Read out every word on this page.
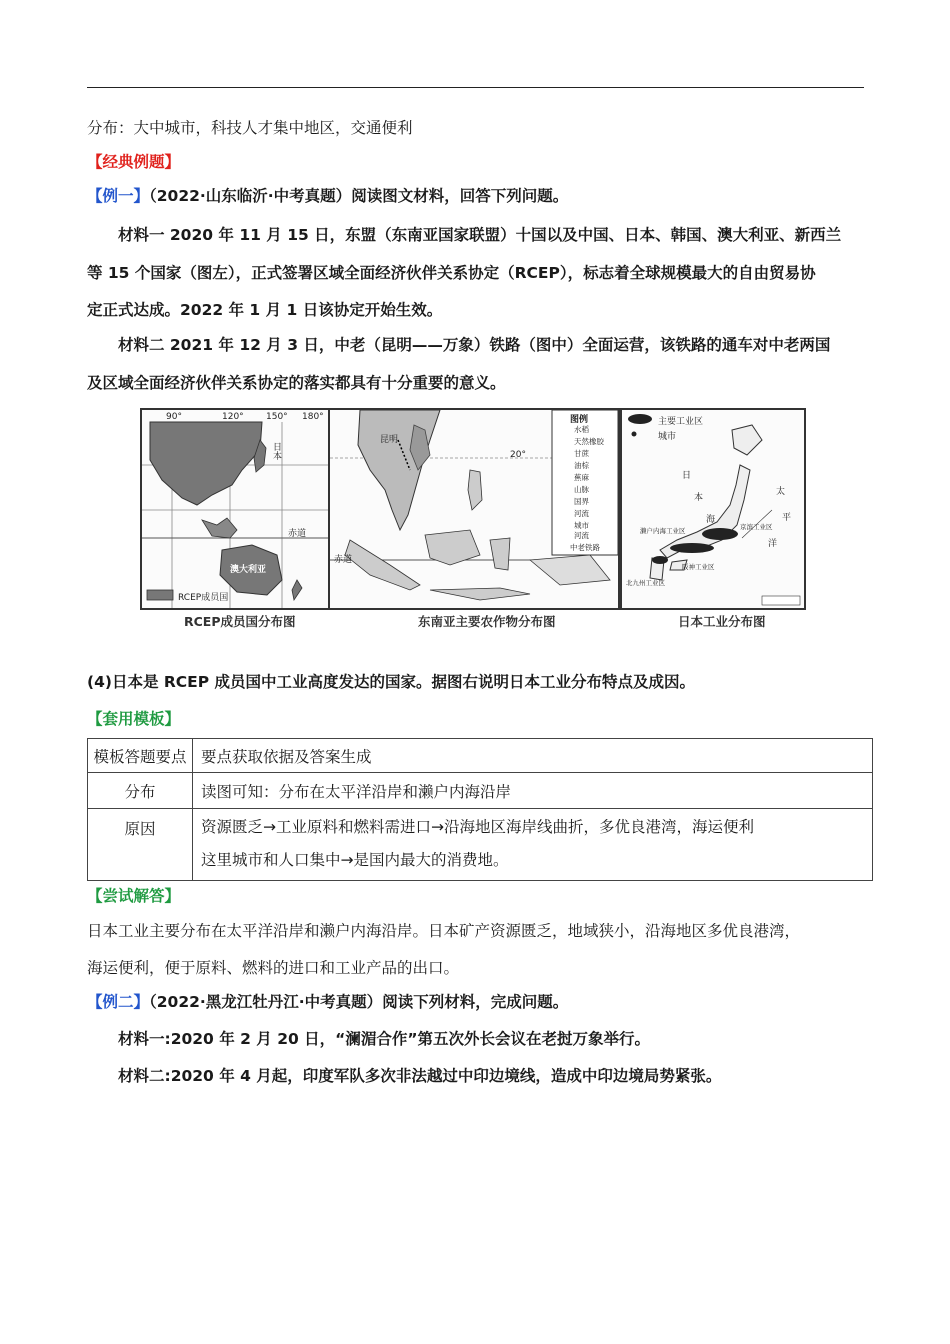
分布：大中城市，科技人才集中地区，交通便利
【经典例题】
【例一】（2022·山东临沂·中考真题）阅读图文材料，回答下列问题。
材料一 2020 年 11 月 15 日，东盟（东南亚国家联盟）十国以及中国、日本、韩国、澳大利亚、新西兰
等 15 个国家（图左），正式签署区域全面经济伙伴关系协定（RCEP），标志着全球规模最大的自由贸易协
定正式达成。2022 年 1 月 1 日该协定开始生效。
材料二 2021 年 12 月 3 日，中老（昆明——万象）铁路（图中）全面运营，该铁路的通车对中老两国
及区域全面经济伙伴关系协定的落实都具有十分重要的意义。
90°	120° 150° 180°
日本
赤道
澳大利亚
RCEP成员国
RCEP成员国分布图
昆明
20°
赤道
图例
水稻
天然橡胶
甘蔗
油棕
蕉麻
山脉
国界
河流
城市
河流
中老铁路
东南亚主要农作物分布图
主要工业区
城市
日
本
海
太
平
洋
濑户内海工业区
阪神工业区
京滨工业区
北九州工业区
日本工业分布图
(4)日本是 RCEP 成员国中工业高度发达的国家。据图右说明日本工业分布特点及成因。
【套用模板】
模板答题要点	要点获取依据及答案生成
分布	读图可知：分布在太平洋沿岸和濑户内海沿岸
原因	资源匮乏→工业原料和燃料需进口→沿海地区海岸线曲折，多优良港湾，海运便利
这里城市和人口集中→是国内最大的消费地。
【尝试解答】
日本工业主要分布在太平洋沿岸和濑户内海沿岸。日本矿产资源匮乏，地域狭小，沿海地区多优良港湾，
海运便利，便于原料、燃料的进口和工业产品的出口。
【例二】（2022·黑龙江牡丹江·中考真题）阅读下列材料，完成问题。
材料一:2020 年 2 月 20 日，“澜湄合作”第五次外长会议在老挝万象举行。
材料二:2020 年 4 月起，印度军队多次非法越过中印边境线，造成中印边境局势紧张。
